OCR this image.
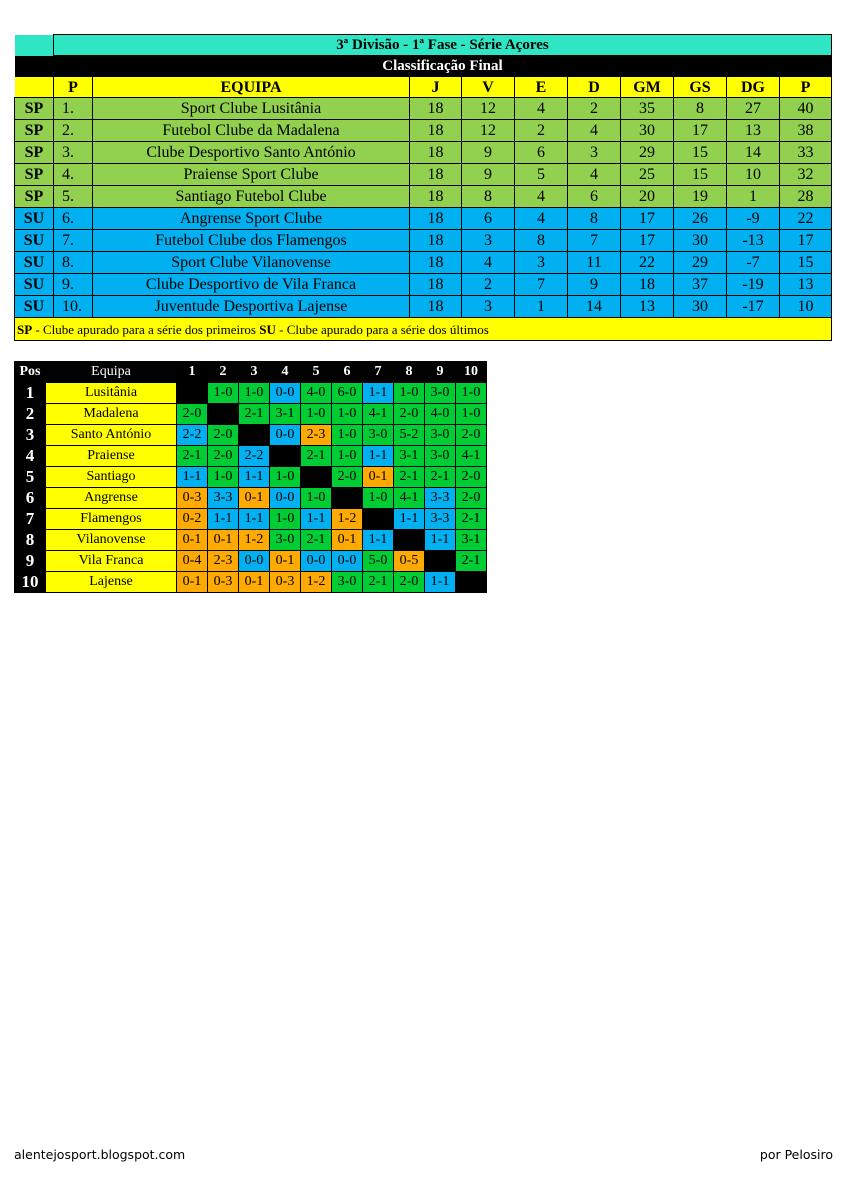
	3ª Divisão - 1ª Fase - Série Açores									
	Classificação Final									
	P	EQUIPA	J	V	E	D	GM	GS	DG	P
SP	1.	Sport Clube Lusitânia	18	12	4	2	35	8	27	40
SP	2.	Futebol Clube da Madalena	18	12	2	4	30	17	13	38
SP	3.	Clube Desportivo Santo António	18	9	6	3	29	15	14	33
SP	4.	Praiense Sport Clube	18	9	5	4	25	15	10	32
SP	5.	Santiago Futebol Clube	18	8	4	6	20	19	1	28
SU	6.	Angrense Sport Clube	18	6	4	8	17	26	-9	22
SU	7.	Futebol Clube dos Flamengos	18	3	8	7	17	30	-13	17
SU	8.	Sport Clube Vilanovense	18	4	3	11	22	29	-7	15
SU	9.	Clube Desportivo de Vila Franca	18	2	7	9	18	37	-19	13
SU	10.	Juventude Desportiva Lajense	18	3	1	14	13	30	-17	10
SP - Clube apurado para a série dos primeiros SU - Clube apurado para a série dos últimos										
Pos	Equipa	1	2	3	4	5	6	7	8	9	10
1	Lusitânia		1-0	1-0	0-0	4-0	6-0	1-1	1-0	3-0	1-0
2	Madalena	2-0		2-1	3-1	1-0	1-0	4-1	2-0	4-0	1-0
3	Santo António	2-2	2-0		0-0	2-3	1-0	3-0	5-2	3-0	2-0
4	Praiense	2-1	2-0	2-2		2-1	1-0	1-1	3-1	3-0	4-1
5	Santiago	1-1	1-0	1-1	1-0		2-0	0-1	2-1	2-1	2-0
6	Angrense	0-3	3-3	0-1	0-0	1-0		1-0	4-1	3-3	2-0
7	Flamengos	0-2	1-1	1-1	1-0	1-1	1-2		1-1	3-3	2-1
8	Vilanovense	0-1	0-1	1-2	3-0	2-1	0-1	1-1		1-1	3-1
9	Vila Franca	0-4	2-3	0-0	0-1	0-0	0-0	5-0	0-5		2-1
10	Lajense	0-1	0-3	0-1	0-3	1-2	3-0	2-1	2-0	1-1	
alentejosport.blogspot.com	por Pelosiro
